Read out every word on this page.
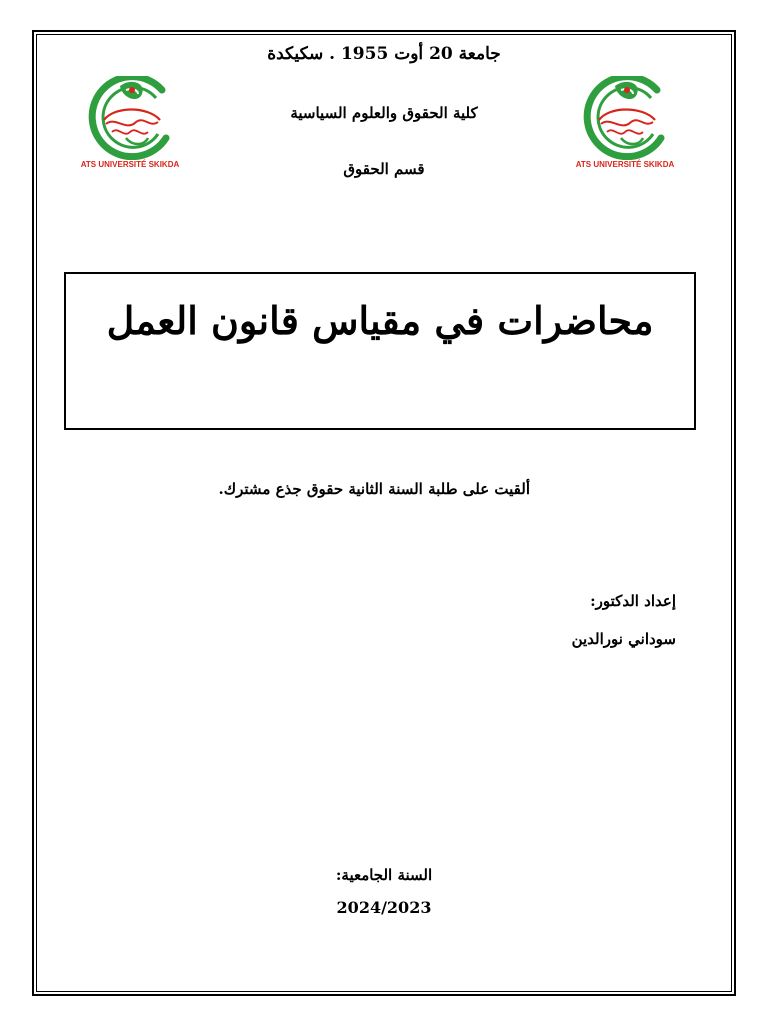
جامعة 20 أوت 1955 . سكيكدة
كلية الحقوق والعلوم السياسية
قسم الحقوق	ATS UNIVERSITÉ SKIKDA
ATS UNIVERSITÉ SKIKDA
محاضرات في مقياس قانون العمل
ألقيت على طلبة السنة الثانية حقوق جذع مشترك.
إعداد الدكتور:
سوداني نورالدين
السنة الجامعية:
2024/2023
